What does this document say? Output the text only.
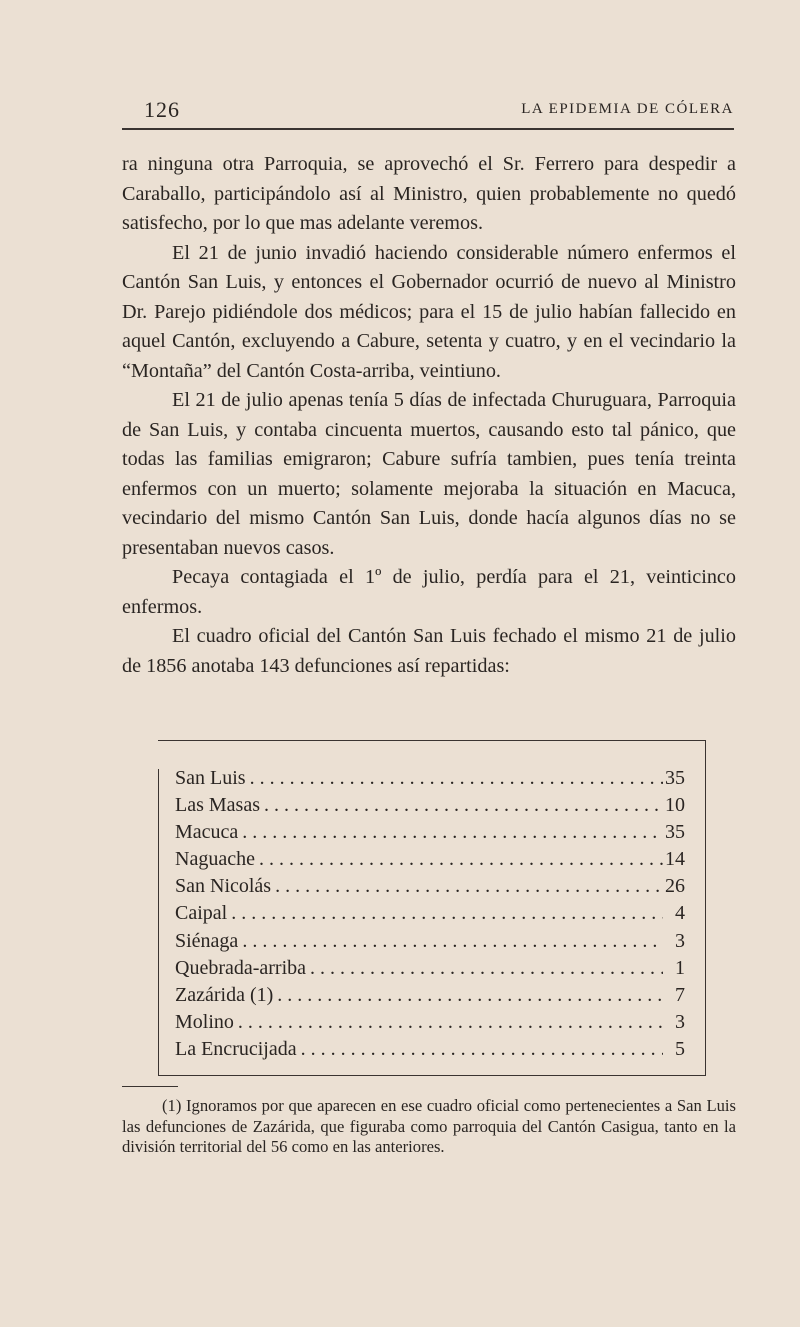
126	LA EPIDEMIA DE CÓLERA

ra ninguna otra Parroquia, se aprovechó el Sr. Ferrero para despedir a Caraballo, participándolo así al Ministro, quien probablemente no quedó satisfecho, por lo que mas adelante veremos.

El 21 de junio invadió haciendo considerable número enfermos el Cantón San Luis, y entonces el Gobernador ocurrió de nuevo al Ministro Dr. Parejo pidiéndole dos médicos; para el 15 de julio habían fallecido en aquel Cantón, excluyendo a Cabure, setenta y cuatro, y en el vecindario la “Montaña” del Cantón Costa-arriba, veintiuno.

El 21 de julio apenas tenía 5 días de infectada Churuguara, Parroquia de San Luis, y contaba cincuenta muertos, causando esto tal pánico, que todas las familias emigraron; Cabure sufría tambien, pues tenía treinta enfermos con un muerto; solamente mejoraba la situación en Macuca, vecindario del mismo Cantón San Luis, donde hacía algunos días no se presentaban nuevos casos.

Pecaya contagiada el 1º de julio, perdía para el 21, veinticinco enfermos.

El cuadro oficial del Cantón San Luis fechado el mismo 21 de julio de 1856 anotaba 143 defunciones así repartidas:

San Luis . . .	35
Las Masas . . .	10
Macuca . . .	35
Naguache . . .	14
San Nicolás . . .	26
Caipal . . .	4
Siénaga . . .	3
Quebrada-arriba . . .	1
Zazárida (1) . . .	7
Molino . . .	3
La Encrucijada . . .	5

(1) Ignoramos por que aparecen en ese cuadro oficial como pertenecientes a San Luis las defunciones de Zazárida, que figuraba como parroquia del Cantón Casigua, tanto en la división territorial del 56 como en las anteriores.
